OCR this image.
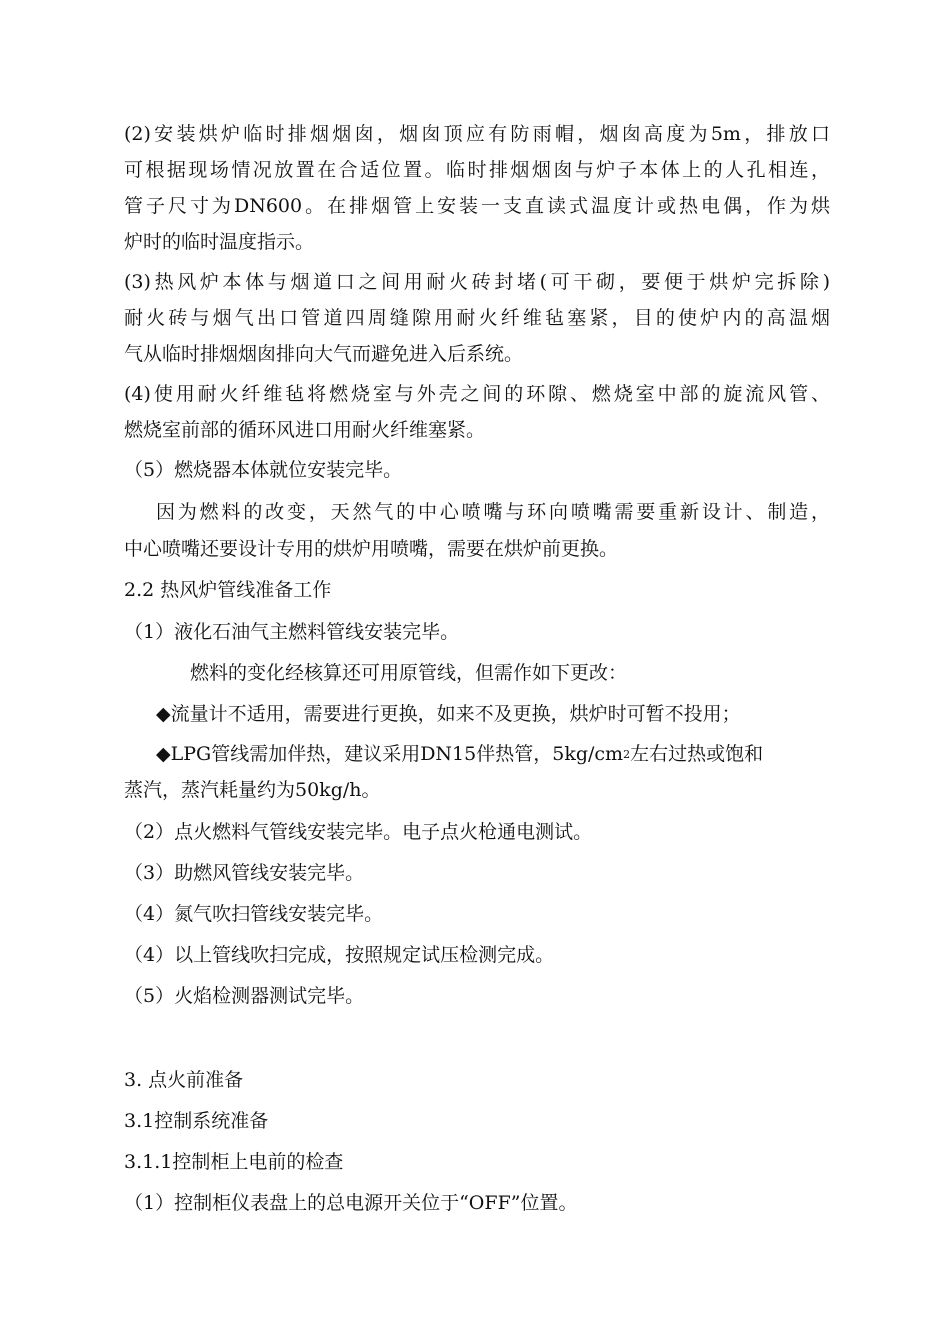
(2)安装烘炉临时排烟烟囱，烟囱顶应有防雨帽，烟囱高度为5m，排放口
可根据现场情况放置在合适位置。临时排烟烟囱与炉子本体上的人孔相连，
管子尺寸为DN600。在排烟管上安装一支直读式温度计或热电偶，作为烘
炉时的临时温度指示。
(3)热风炉本体与烟道口之间用耐火砖封堵(可干砌，要便于烘炉完拆除)
耐火砖与烟气出口管道四周缝隙用耐火纤维毡塞紧，目的使炉内的高温烟
气从临时排烟烟囱排向大气而避免进入后系统。
(4)使用耐火纤维毡将燃烧室与外壳之间的环隙、燃烧室中部的旋流风管、
燃烧室前部的循环风进口用耐火纤维塞紧。
（5）燃烧器本体就位安装完毕。
因为燃料的改变，天然气的中心喷嘴与环向喷嘴需要重新设计、制造，
中心喷嘴还要设计专用的烘炉用喷嘴，需要在烘炉前更换。
2.2 热风炉管线准备工作
（1）液化石油气主燃料管线安装完毕。
燃料的变化经核算还可用原管线，但需作如下更改：
◆流量计不适用，需要进行更换，如来不及更换，烘炉时可暂不投用；
◆LPG管线需加伴热，建议采用DN15伴热管，$5kg/cm^2$左右过热或饱和
蒸汽，蒸汽耗量约为50kg/h。
（2）点火燃料气管线安装完毕。电子点火枪通电测试。
（3）助燃风管线安装完毕。
（4）氮气吹扫管线安装完毕。
（4）以上管线吹扫完成，按照规定试压检测完成。
（5）火焰检测器测试完毕。
3. 点火前准备
3.1控制系统准备
3.1.1控制柜上电前的检查
（1）控制柜仪表盘上的总电源开关位于“OFF”位置。
